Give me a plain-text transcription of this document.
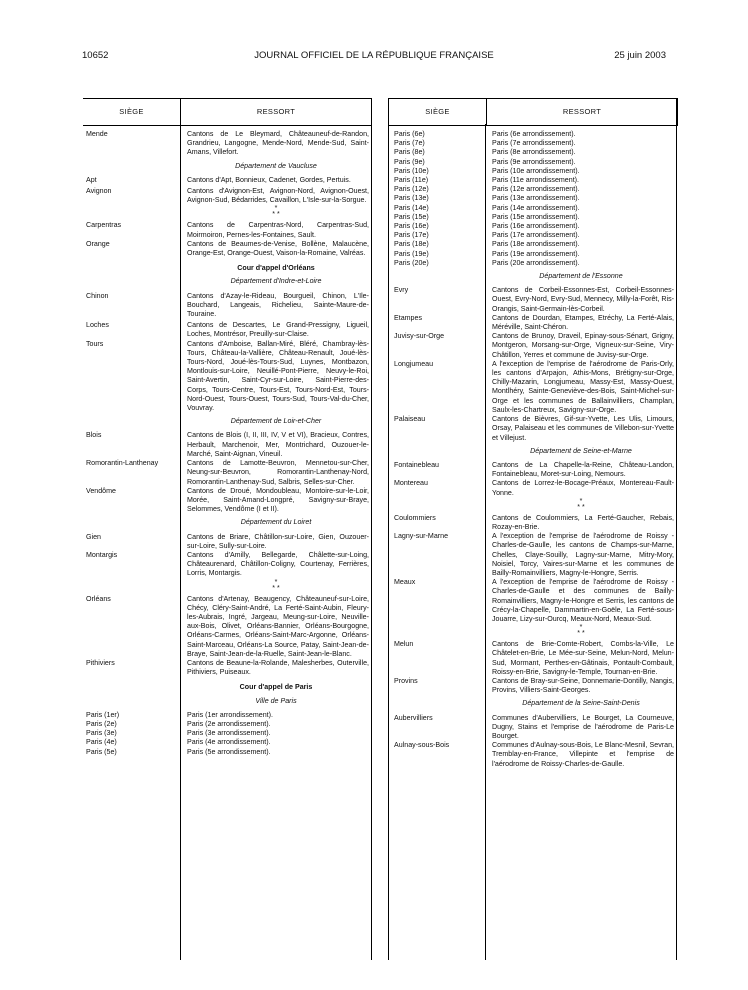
10652	JOURNAL OFFICIEL DE LA RÉPUBLIQUE FRANÇAISE	25 juin 2003
SIÈGE	RESSORT
Mende	Cantons de Le Bleymard, Châteauneuf-de-Randon, Grandrieu, Langogne, Mende-Nord, Mende-Sud, Saint-Amans, Villefort.
Département de Vaucluse
Apt	Cantons d'Apt, Bonnieux, Cadenet, Gordes, Pertuis.
Avignon	Cantons d'Avignon-Est, Avignon-Nord, Avignon-Ouest, Avignon-Sud, Bédarrides, Cavaillon, L'Isle-sur-la-Sorgue.
*
* *
Carpentras	Cantons de Carpentras-Nord, Carpentras-Sud, Moirmoiron, Pernes-les-Fontaines, Sault.
Orange	Cantons de Beaumes-de-Venise, Bollène, Malaucène, Orange-Est, Orange-Ouest, Vaison-la-Romaine, Valréas.
Cour d'appel d'Orléans
Département d'Indre-et-Loire
Chinon	Cantons d'Azay-le-Rideau, Bourgueil, Chinon, L'Ile-Bouchard, Langeais, Richelieu, Sainte-Maure-de-Touraine.
Loches	Cantons de Descartes, Le Grand-Pressigny, Ligueil, Loches, Montrésor, Preuilly-sur-Claise.
Tours	Cantons d'Amboise, Ballan-Miré, Bléré, Chambray-lès-Tours, Château-la-Vallière, Château-Renault, Joué-lès-Tours-Nord, Joué-lès-Tours-Sud, Luynes, Montbazon, Montlouis-sur-Loire, Neuillé-Pont-Pierre, Neuvy-le-Roi, Saint-Avertin, Saint-Cyr-sur-Loire, Saint-Pierre-des-Corps, Tours-Centre, Tours-Est, Tours-Nord-Est, Tours-Nord-Ouest, Tours-Ouest, Tours-Sud, Tours-Val-du-Cher, Vouvray.
Département de Loir-et-Cher
Blois	Cantons de Blois (I, II, III, IV, V et VI), Bracieux, Contres, Herbault, Marchenoir, Mer, Montrichard, Ouzouer-le-Marché, Saint-Aignan, Vineuil.
Romorantin-Lanthenay	Cantons de Lamotte-Beuvron, Mennetou-sur-Cher, Neung-sur-Beuvron, Romorantin-Lanthenay-Nord, Romorantin-Lanthenay-Sud, Salbris, Selles-sur-Cher.
Vendôme	Cantons de Droué, Mondoubleau, Montoire-sur-le-Loir, Morée, Saint-Amand-Longpré, Savigny-sur-Braye, Selommes, Vendôme (I et II).
Département du Loiret
Gien	Cantons de Briare, Châtillon-sur-Loire, Gien, Ouzouer-sur-Loire, Sully-sur-Loire.
Montargis	Cantons d'Amilly, Bellegarde, Châlette-sur-Loing, Châteaurenard, Châtillon-Coligny, Courtenay, Ferrières, Lorris, Montargis.
*
* *
Orléans	Cantons d'Artenay, Beaugency, Châteauneuf-sur-Loire, Chécy, Cléry-Saint-André, La Ferté-Saint-Aubin, Fleury-les-Aubrais, Ingré, Jargeau, Meung-sur-Loire, Neuville-aux-Bois, Olivet, Orléans-Bannier, Orléans-Bourgogne, Orléans-Carmes, Orléans-Saint-Marc-Argonne, Orléans-Saint-Marceau, Orléans-La Source, Patay, Saint-Jean-de-Braye, Saint-Jean-de-la-Ruelle, Saint-Jean-le-Blanc.
Pithiviers	Cantons de Beaune-la-Rolande, Malesherbes, Outerville, Pithiviers, Puiseaux.
Cour d'appel de Paris
Ville de Paris
Paris (1er)	Paris (1er arrondissement).
Paris (2e)	Paris (2e arrondissement).
Paris (3e)	Paris (3e arrondissement).
Paris (4e)	Paris (4e arrondissement).
Paris (5e)	Paris (5e arrondissement).
SIÈGE	RESSORT
Paris (6e)	Paris (6e arrondissement).
Paris (7e)	Paris (7e arrondissement).
Paris (8e)	Paris (8e arrondissement).
Paris (9e)	Paris (9e arrondissement).
Paris (10e)	Paris (10e arrondissement).
Paris (11e)	Paris (11e arrondissement).
Paris (12e)	Paris (12e arrondissement).
Paris (13e)	Paris (13e arrondissement).
Paris (14e)	Paris (14e arrondissement).
Paris (15e)	Paris (15e arrondissement).
Paris (16e)	Paris (16e arrondissement).
Paris (17e)	Paris (17e arrondissement).
Paris (18e)	Paris (18e arrondissement).
Paris (19e)	Paris (19e arrondissement).
Paris (20e)	Paris (20e arrondissement).
Département de l'Essonne
Evry	Cantons de Corbeil-Essonnes-Est, Corbeil-Essonnes-Ouest, Evry-Nord, Evry-Sud, Mennecy, Milly-la-Forêt, Ris-Orangis, Saint-Germain-lès-Corbeil.
Etampes	Cantons de Dourdan, Etampes, Etréchy, La Ferté-Alais, Méréville, Saint-Chéron.
Juvisy-sur-Orge	Cantons de Brunoy, Draveil, Epinay-sous-Sénart, Grigny, Montgeron, Morsang-sur-Orge, Vigneux-sur-Seine, Viry-Châtillon, Yerres et commune de Juvisy-sur-Orge.
Longjumeau	A l'exception de l'emprise de l'aérodrome de Paris-Orly, les cantons d'Arpajon, Athis-Mons, Brétigny-sur-Orge, Chilly-Mazarin, Longjumeau, Massy-Est, Massy-Ouest, Montlhéry, Sainte-Geneviève-des-Bois, Saint-Michel-sur-Orge et les communes de Ballainvilliers, Champlan, Saulx-les-Chartreux, Savigny-sur-Orge.
Palaiseau	Cantons de Bièvres, Gif-sur-Yvette, Les Ulis, Limours, Orsay, Palaiseau et les communes de Villebon-sur-Yvette et Villejust.
Département de Seine-et-Marne
Fontainebleau	Cantons de La Chapelle-la-Reine, Château-Landon, Fontainebleau, Moret-sur-Loing, Nemours.
Montereau	Cantons de Lorrez-le-Bocage-Préaux, Montereau-Fault-Yonne.
*
* *
Coulommiers	Cantons de Coulommiers, La Ferté-Gaucher, Rebais, Rozay-en-Brie.
Lagny-sur-Marne	A l'exception de l'emprise de l'aérodrome de Roissy - Charles-de-Gaulle, les cantons de Champs-sur-Marne, Chelles, Claye-Souilly, Lagny-sur-Marne, Mitry-Mory, Noisiel, Torcy, Vaires-sur-Marne et les communes de Bailly-Romainvilliers, Magny-le-Hongre, Serris.
Meaux	A l'exception de l'emprise de l'aérodrome de Roissy - Charles-de-Gaulle et des communes de Bailly-Romainvilliers, Magny-le-Hongre et Serris, les cantons de Crécy-la-Chapelle, Dammartin-en-Goële, La Ferté-sous-Jouarre, Lizy-sur-Ourcq, Meaux-Nord, Meaux-Sud.
*
* *
Melun	Cantons de Brie-Comte-Robert, Combs-la-Ville, Le Châtelet-en-Brie, Le Mée-sur-Seine, Melun-Nord, Melun-Sud, Mormant, Perthes-en-Gâtinais, Pontault-Combault, Roissy-en-Brie, Savigny-le-Temple, Tournan-en-Brie.
Provins	Cantons de Bray-sur-Seine, Donnemarie-Dontilly, Nangis, Provins, Villiers-Saint-Georges.
Département de la Seine-Saint-Denis
Aubervilliers	Communes d'Aubervilliers, Le Bourget, La Courneuve, Dugny, Stains et l'emprise de l'aérodrome de Paris-Le Bourget.
Aulnay-sous-Bois	Communes d'Aulnay-sous-Bois, Le Blanc-Mesnil, Sevran, Tremblay-en-France, Villepinte et l'emprise de l'aérodrome de Roissy-Charles-de-Gaulle.
